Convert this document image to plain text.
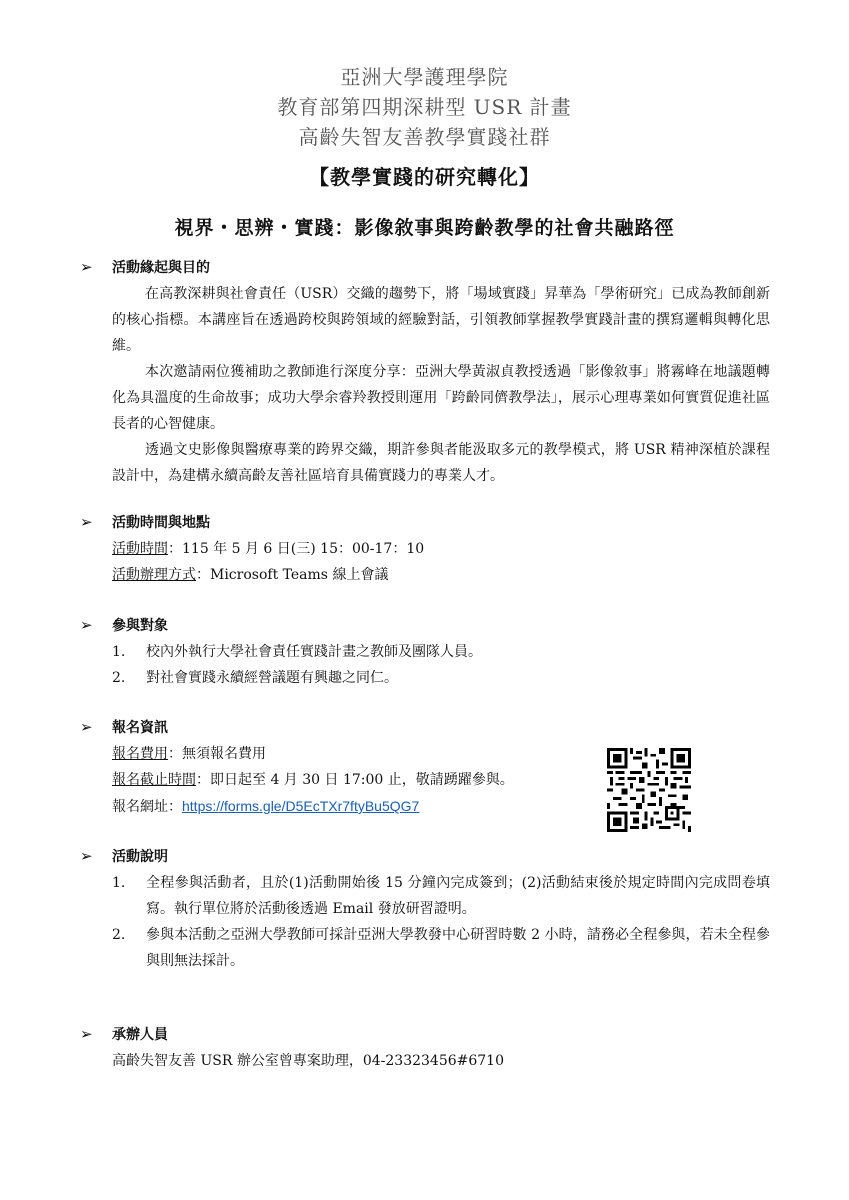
亞洲大學護理學院
教育部第四期深耕型 USR 計畫
高齡失智友善教學實踐社群
【教學實踐的研究轉化】
視界・思辨・實踐：影像敘事與跨齡教學的社會共融路徑
➢	活動緣起與目的
在高教深耕與社會責任（USR）交織的趨勢下，將「場域實踐」昇華為「學術研究」已成為教師創新的核心指標。本講座旨在透過跨校與跨領域的經驗對話，引領教師掌握教學實踐計畫的撰寫邏輯與轉化思維。
本次邀請兩位獲補助之教師進行深度分享：亞洲大學黃淑貞教授透過「影像敘事」將霧峰在地議題轉化為具溫度的生命故事；成功大學余睿羚教授則運用「跨齡同儕教學法」，展示心理專業如何實質促進社區長者的心智健康。
透過文史影像與醫療專業的跨界交織，期許參與者能汲取多元的教學模式，將 USR 精神深植於課程設計中，為建構永續高齡友善社區培育具備實踐力的專業人才。
➢	活動時間與地點
活動時間：115 年 5 月 6 日(三) 15：00-17：10
活動辦理方式：Microsoft Teams 線上會議
➢	參與對象
1.	校內外執行大學社會責任實踐計畫之教師及團隊人員。
2.	對社會實踐永續經營議題有興趣之同仁。
➢	報名資訊
報名費用：無須報名費用
報名截止時間：即日起至 4 月 30 日 17:00 止，敬請踴躍參與。
報名網址：https://forms.gle/D5EcTXr7ftyBu5QG7
➢	活動說明
1.	全程參與活動者，且於(1)活動開始後 15 分鐘內完成簽到；(2)活動結束後於規定時間內完成問卷填寫。執行單位將於活動後透過 Email 發放研習證明。
2.	參與本活動之亞洲大學教師可採計亞洲大學教發中心研習時數 2 小時，請務必全程參與，若未全程參與則無法採計。
➢	承辦人員
高齡失智友善 USR 辦公室曾專案助理，04-23323456#6710
